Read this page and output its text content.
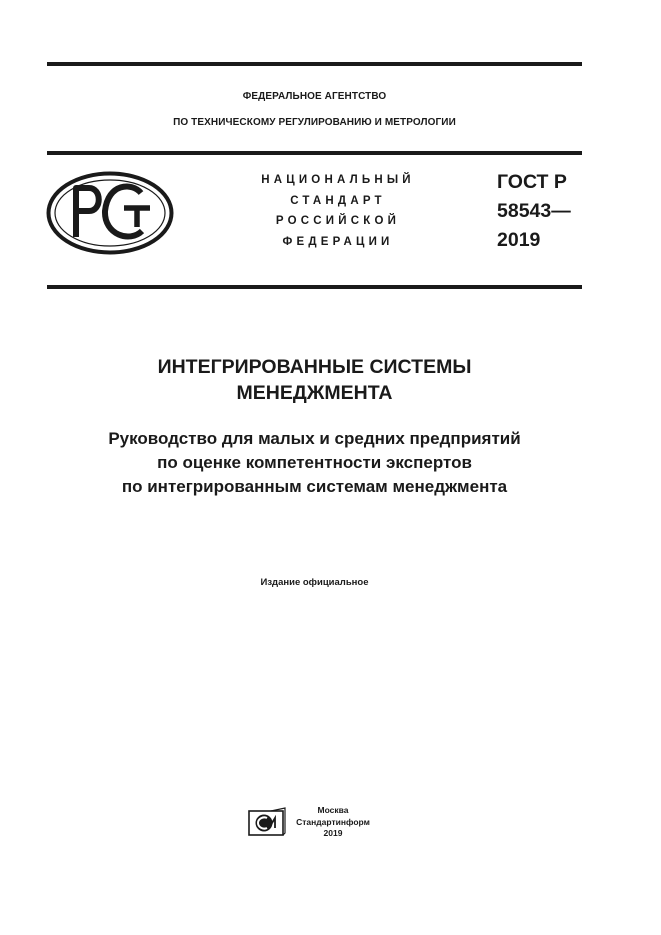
ФЕДЕРАЛЬНОЕ АГЕНТСТВО
ПО ТЕХНИЧЕСКОМУ РЕГУЛИРОВАНИЮ И МЕТРОЛОГИИ
НАЦИОНАЛЬНЫЙ
СТАНДАРТ
РОССИЙСКОЙ
ФЕДЕРАЦИИ
ГОСТ Р
58543—
2019
ИНТЕГРИРОВАННЫЕ СИСТЕМЫ
МЕНЕДЖМЕНТА
Руководство для малых и средних предприятий
по оценке компетентности экспертов
по интегрированным системам менеджмента
Издание официальное
Москва
Стандартинформ
2019
